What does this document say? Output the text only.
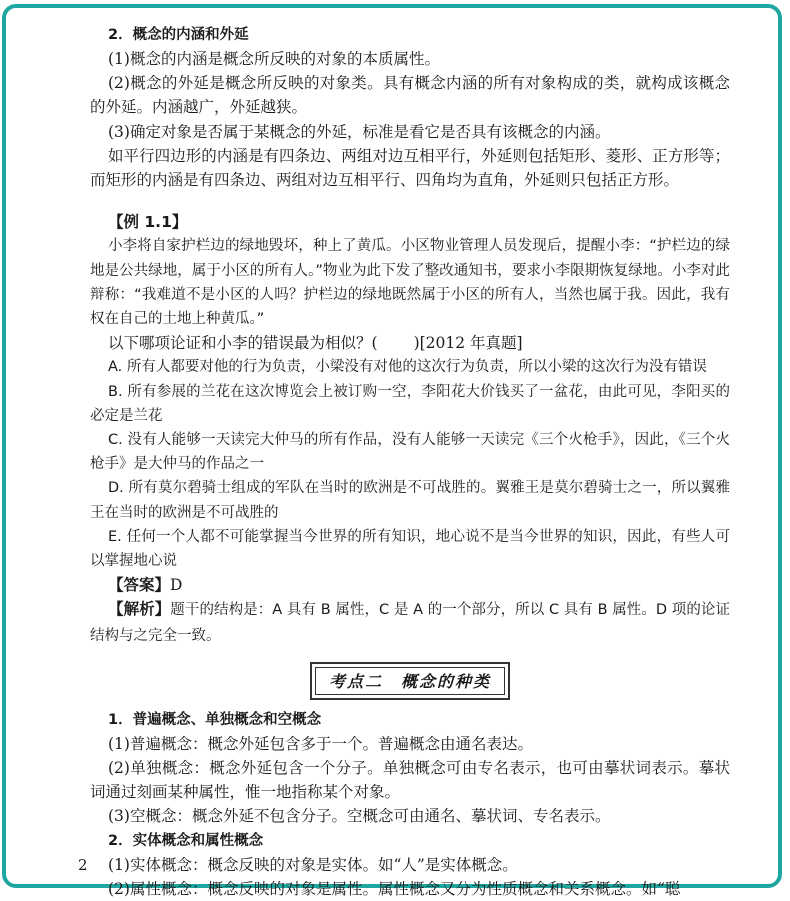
2．概念的内涵和外延

(1)概念的内涵是概念所反映的对象的本质属性。

(2)概念的外延是概念所反映的对象类。具有概念内涵的所有对象构成的类，就构成该概念的外延。内涵越广，外延越狭。

(3)确定对象是否属于某概念的外延，标准是看它是否具有该概念的内涵。

如平行四边形的内涵是有四条边、两组对边互相平行，外延则包括矩形、菱形、正方形等；而矩形的内涵是有四条边、两组对边互相平行、四角均为直角，外延则只包括正方形。

【例 1.1】

小李将自家护栏边的绿地毁坏，种上了黄瓜。小区物业管理人员发现后，提醒小李：“护栏边的绿地是公共绿地，属于小区的所有人。”物业为此下发了整改通知书，要求小李限期恢复绿地。小李对此辩称：“我难道不是小区的人吗？护栏边的绿地既然属于小区的所有人，当然也属于我。因此，我有权在自己的土地上种黄瓜。”

以下哪项论证和小李的错误最为相似？( )[2012 年真题]

A. 所有人都要对他的行为负责，小梁没有对他的这次行为负责，所以小梁的这次行为没有错误

B. 所有参展的兰花在这次博览会上被订购一空，李阳花大价钱买了一盆花，由此可见，李阳买的必定是兰花

C. 没有人能够一天读完大仲马的所有作品，没有人能够一天读完《三个火枪手》，因此，《三个火枪手》是大仲马的作品之一

D. 所有莫尔碧骑士组成的军队在当时的欧洲是不可战胜的。翼雅王是莫尔碧骑士之一，所以翼雅王在当时的欧洲是不可战胜的

E. 任何一个人都不可能掌握当今世界的所有知识，地心说不是当今世界的知识，因此，有些人可以掌握地心说

【答案】D

【解析】题干的结构是：A 具有 B 属性，C 是 A 的一个部分，所以 C 具有 B 属性。D 项的论证结构与之完全一致。

考点二　概念的种类

1．普遍概念、单独概念和空概念

(1)普遍概念：概念外延包含多于一个。普遍概念由通名表达。

(2)单独概念：概念外延包含一个分子。单独概念可由专名表示，也可由摹状词表示。摹状词通过刻画某种属性，惟一地指称某个对象。

(3)空概念：概念外延不包含分子。空概念可由通名、摹状词、专名表示。

2．实体概念和属性概念

(1)实体概念：概念反映的对象是实体。如“人”是实体概念。

(2)属性概念：概念反映的对象是属性。属性概念又分为性质概念和关系概念。如“聪

2
